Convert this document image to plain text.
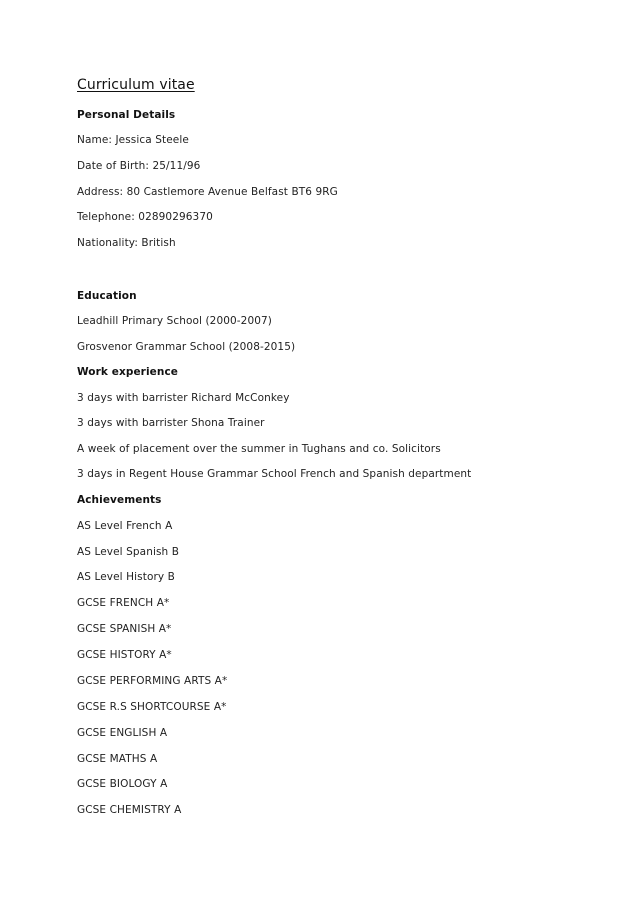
Curriculum vitae
Personal Details
Name: Jessica Steele
Date of Birth: 25/11/96
Address: 80 Castlemore Avenue Belfast BT6 9RG
Telephone: 02890296370
Nationality: British
Education
Leadhill Primary School (2000-2007)
Grosvenor Grammar School (2008-2015)
Work experience
3 days with barrister Richard McConkey
3 days with barrister Shona Trainer
A week of placement over the summer in Tughans and co. Solicitors
3 days in Regent House Grammar School French and Spanish department
Achievements
AS Level French A
AS Level Spanish B
AS Level History B
GCSE FRENCH A*
GCSE SPANISH A*
GCSE HISTORY A*
GCSE PERFORMING ARTS A*
GCSE R.S SHORTCOURSE A*
GCSE ENGLISH A
GCSE MATHS A
GCSE BIOLOGY A
GCSE CHEMISTRY A
